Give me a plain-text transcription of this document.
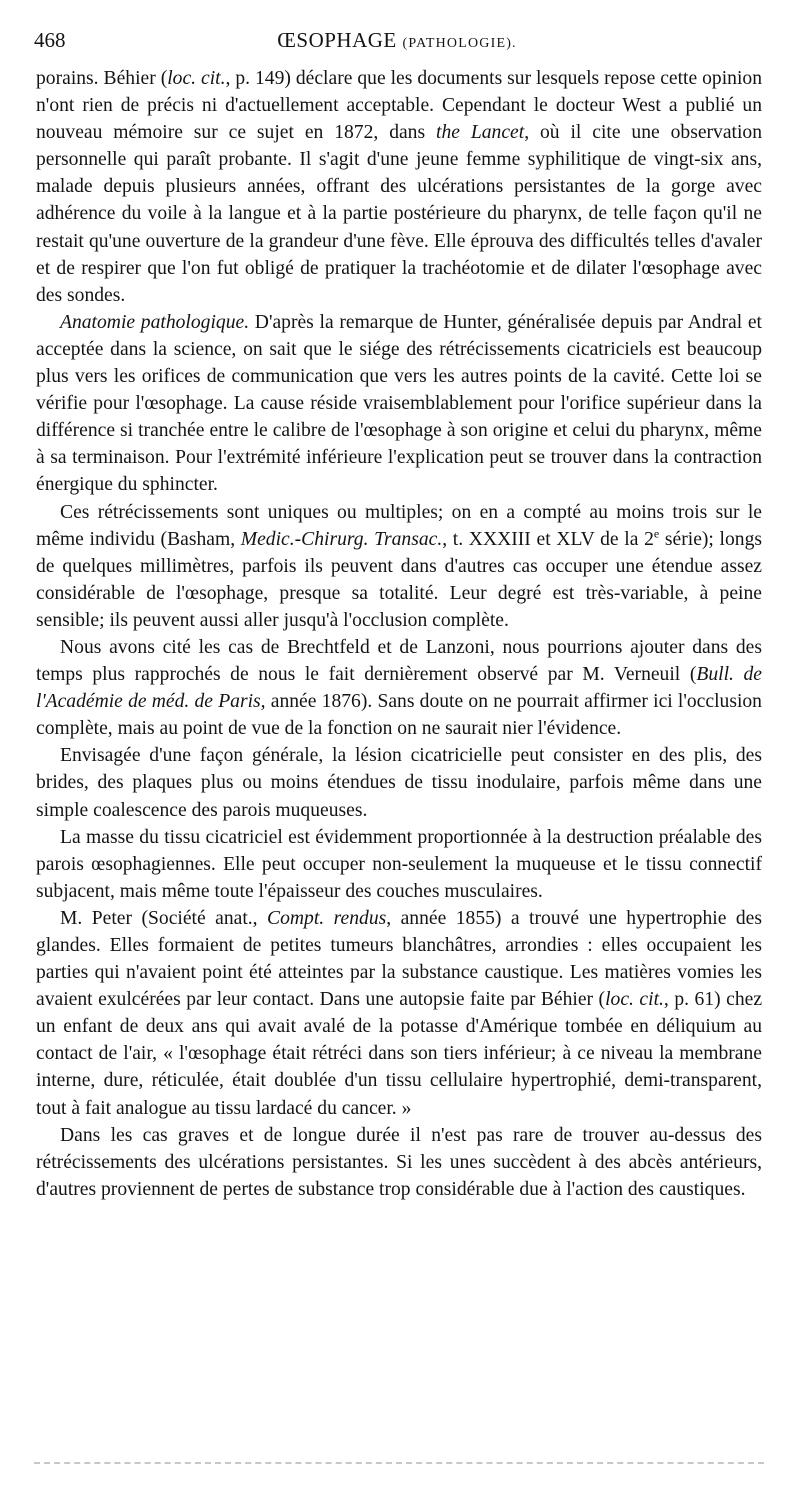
468	ŒSOPHAGE (PATHOLOGIE).

porains. Béhier (loc. cit., p. 149) déclare que les documents sur lesquels repose cette opinion n'ont rien de précis ni d'actuellement acceptable. Cependant le docteur West a publié un nouveau mémoire sur ce sujet en 1872, dans the Lancet, où il cite une observation personnelle qui paraît probante. Il s'agit d'une jeune femme syphilitique de vingt-six ans, malade depuis plusieurs années, offrant des ulcérations persistantes de la gorge avec adhérence du voile à la langue et à la partie postérieure du pharynx, de telle façon qu'il ne restait qu'une ouverture de la grandeur d'une fève. Elle éprouva des difficultés telles d'avaler et de respirer que l'on fut obligé de pratiquer la trachéotomie et de dilater l'œsophage avec des sondes.

Anatomie pathologique. D'après la remarque de Hunter, généralisée depuis par Andral et acceptée dans la science, on sait que le siége des rétrécissements cicatriciels est beaucoup plus vers les orifices de communication que vers les autres points de la cavité. Cette loi se vérifie pour l'œsophage. La cause réside vraisemblablement pour l'orifice supérieur dans la différence si tranchée entre le calibre de l'œsophage à son origine et celui du pharynx, même à sa terminaison. Pour l'extrémité inférieure l'explication peut se trouver dans la contraction énergique du sphincter.

Ces rétrécissements sont uniques ou multiples; on en a compté au moins trois sur le même individu (Basham, Medic.-Chirurg. Transac., t. XXXIII et XLV de la 2e série); longs de quelques millimètres, parfois ils peuvent dans d'autres cas occuper une étendue assez considérable de l'œsophage, presque sa totalité. Leur degré est très-variable, à peine sensible; ils peuvent aussi aller jusqu'à l'occlusion complète.

Nous avons cité les cas de Brechtfeld et de Lanzoni, nous pourrions ajouter dans des temps plus rapprochés de nous le fait dernièrement observé par M. Verneuil (Bull. de l'Académie de méd. de Paris, année 1876). Sans doute on ne pourrait affirmer ici l'occlusion complète, mais au point de vue de la fonction on ne saurait nier l'évidence.

Envisagée d'une façon générale, la lésion cicatricielle peut consister en des plis, des brides, des plaques plus ou moins étendues de tissu inodulaire, parfois même dans une simple coalescence des parois muqueuses.

La masse du tissu cicatriciel est évidemment proportionnée à la destruction préalable des parois œsophagiennes. Elle peut occuper non-seulement la muqueuse et le tissu connectif subjacent, mais même toute l'épaisseur des couches musculaires.

M. Peter (Société anat., Compt. rendus, année 1855) a trouvé une hypertrophie des glandes. Elles formaient de petites tumeurs blanchâtres, arrondies : elles occupaient les parties qui n'avaient point été atteintes par la substance caustique. Les matières vomies les avaient exulcérées par leur contact. Dans une autopsie faite par Béhier (loc. cit., p. 61) chez un enfant de deux ans qui avait avalé de la potasse d'Amérique tombée en déliquium au contact de l'air, « l'œsophage était rétréci dans son tiers inférieur; à ce niveau la membrane interne, dure, réticulée, était doublée d'un tissu cellulaire hypertrophié, demi-transparent, tout à fait analogue au tissu lardacé du cancer. »

Dans les cas graves et de longue durée il n'est pas rare de trouver au-dessus des rétrécissements des ulcérations persistantes. Si les unes succèdent à des abcès antérieurs, d'autres proviennent de pertes de substance trop considérable due à l'action des caustiques.
